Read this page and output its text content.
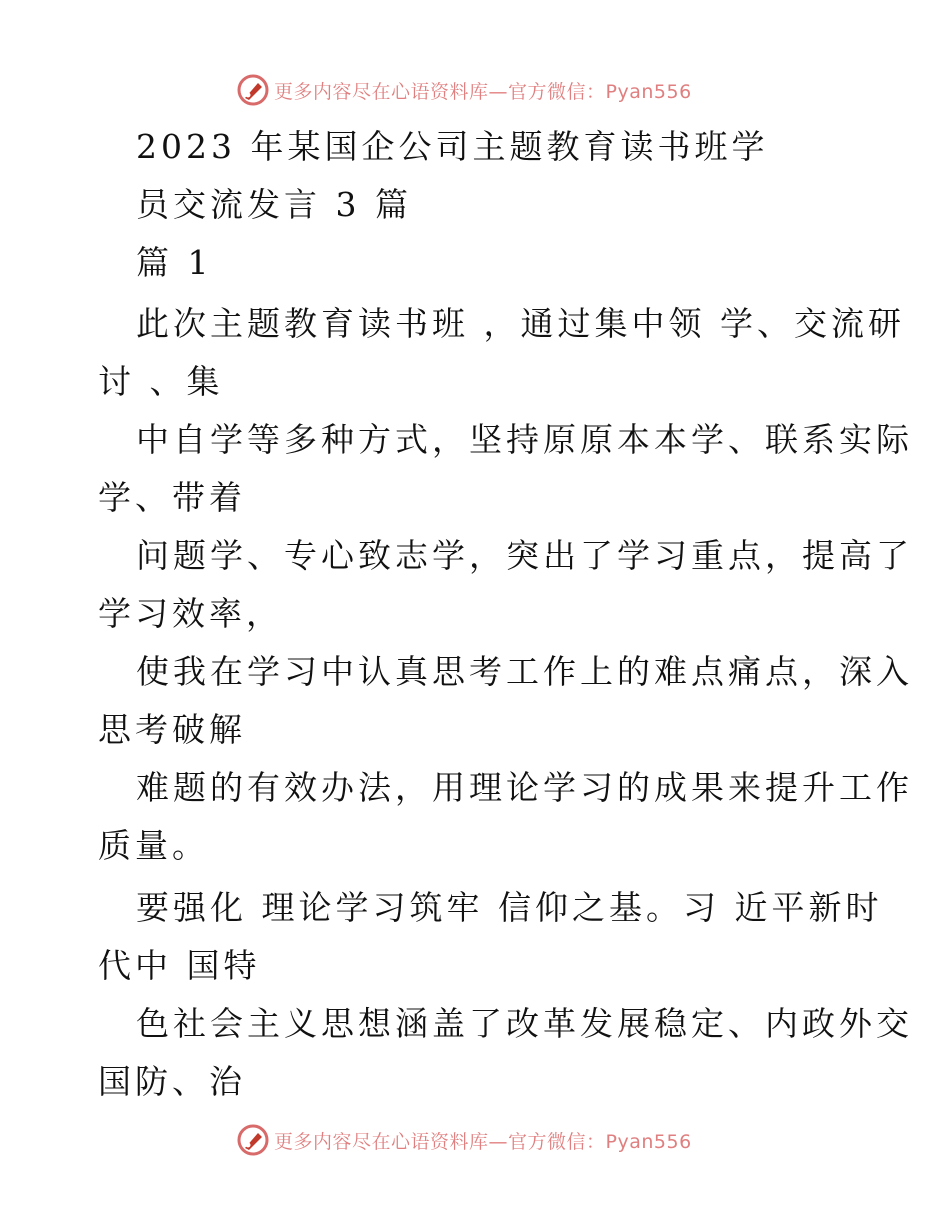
更多内容尽在心语资料库—官方微信：Pyan556
2023 年某国企公司主题教育读书班学
员交流发言 3 篇
篇 1
此次主题教育读书班 ，通过集中领 学、交流研
讨 、集
中自学等多种方式，坚持原原本本学、联系实际
学、带着
问题学、专心致志学，突出了学习重点，提高了
学习效率，
使我在学习中认真思考工作上的难点痛点，深入
思考破解
难题的有效办法，用理论学习的成果来提升工作
质量。
要强化 理论学习筑牢 信仰之基。习 近平新时
代中 国特
色社会主义思想涵盖了改革发展稳定、内政外交
国防、治
更多内容尽在心语资料库—官方微信：Pyan556
